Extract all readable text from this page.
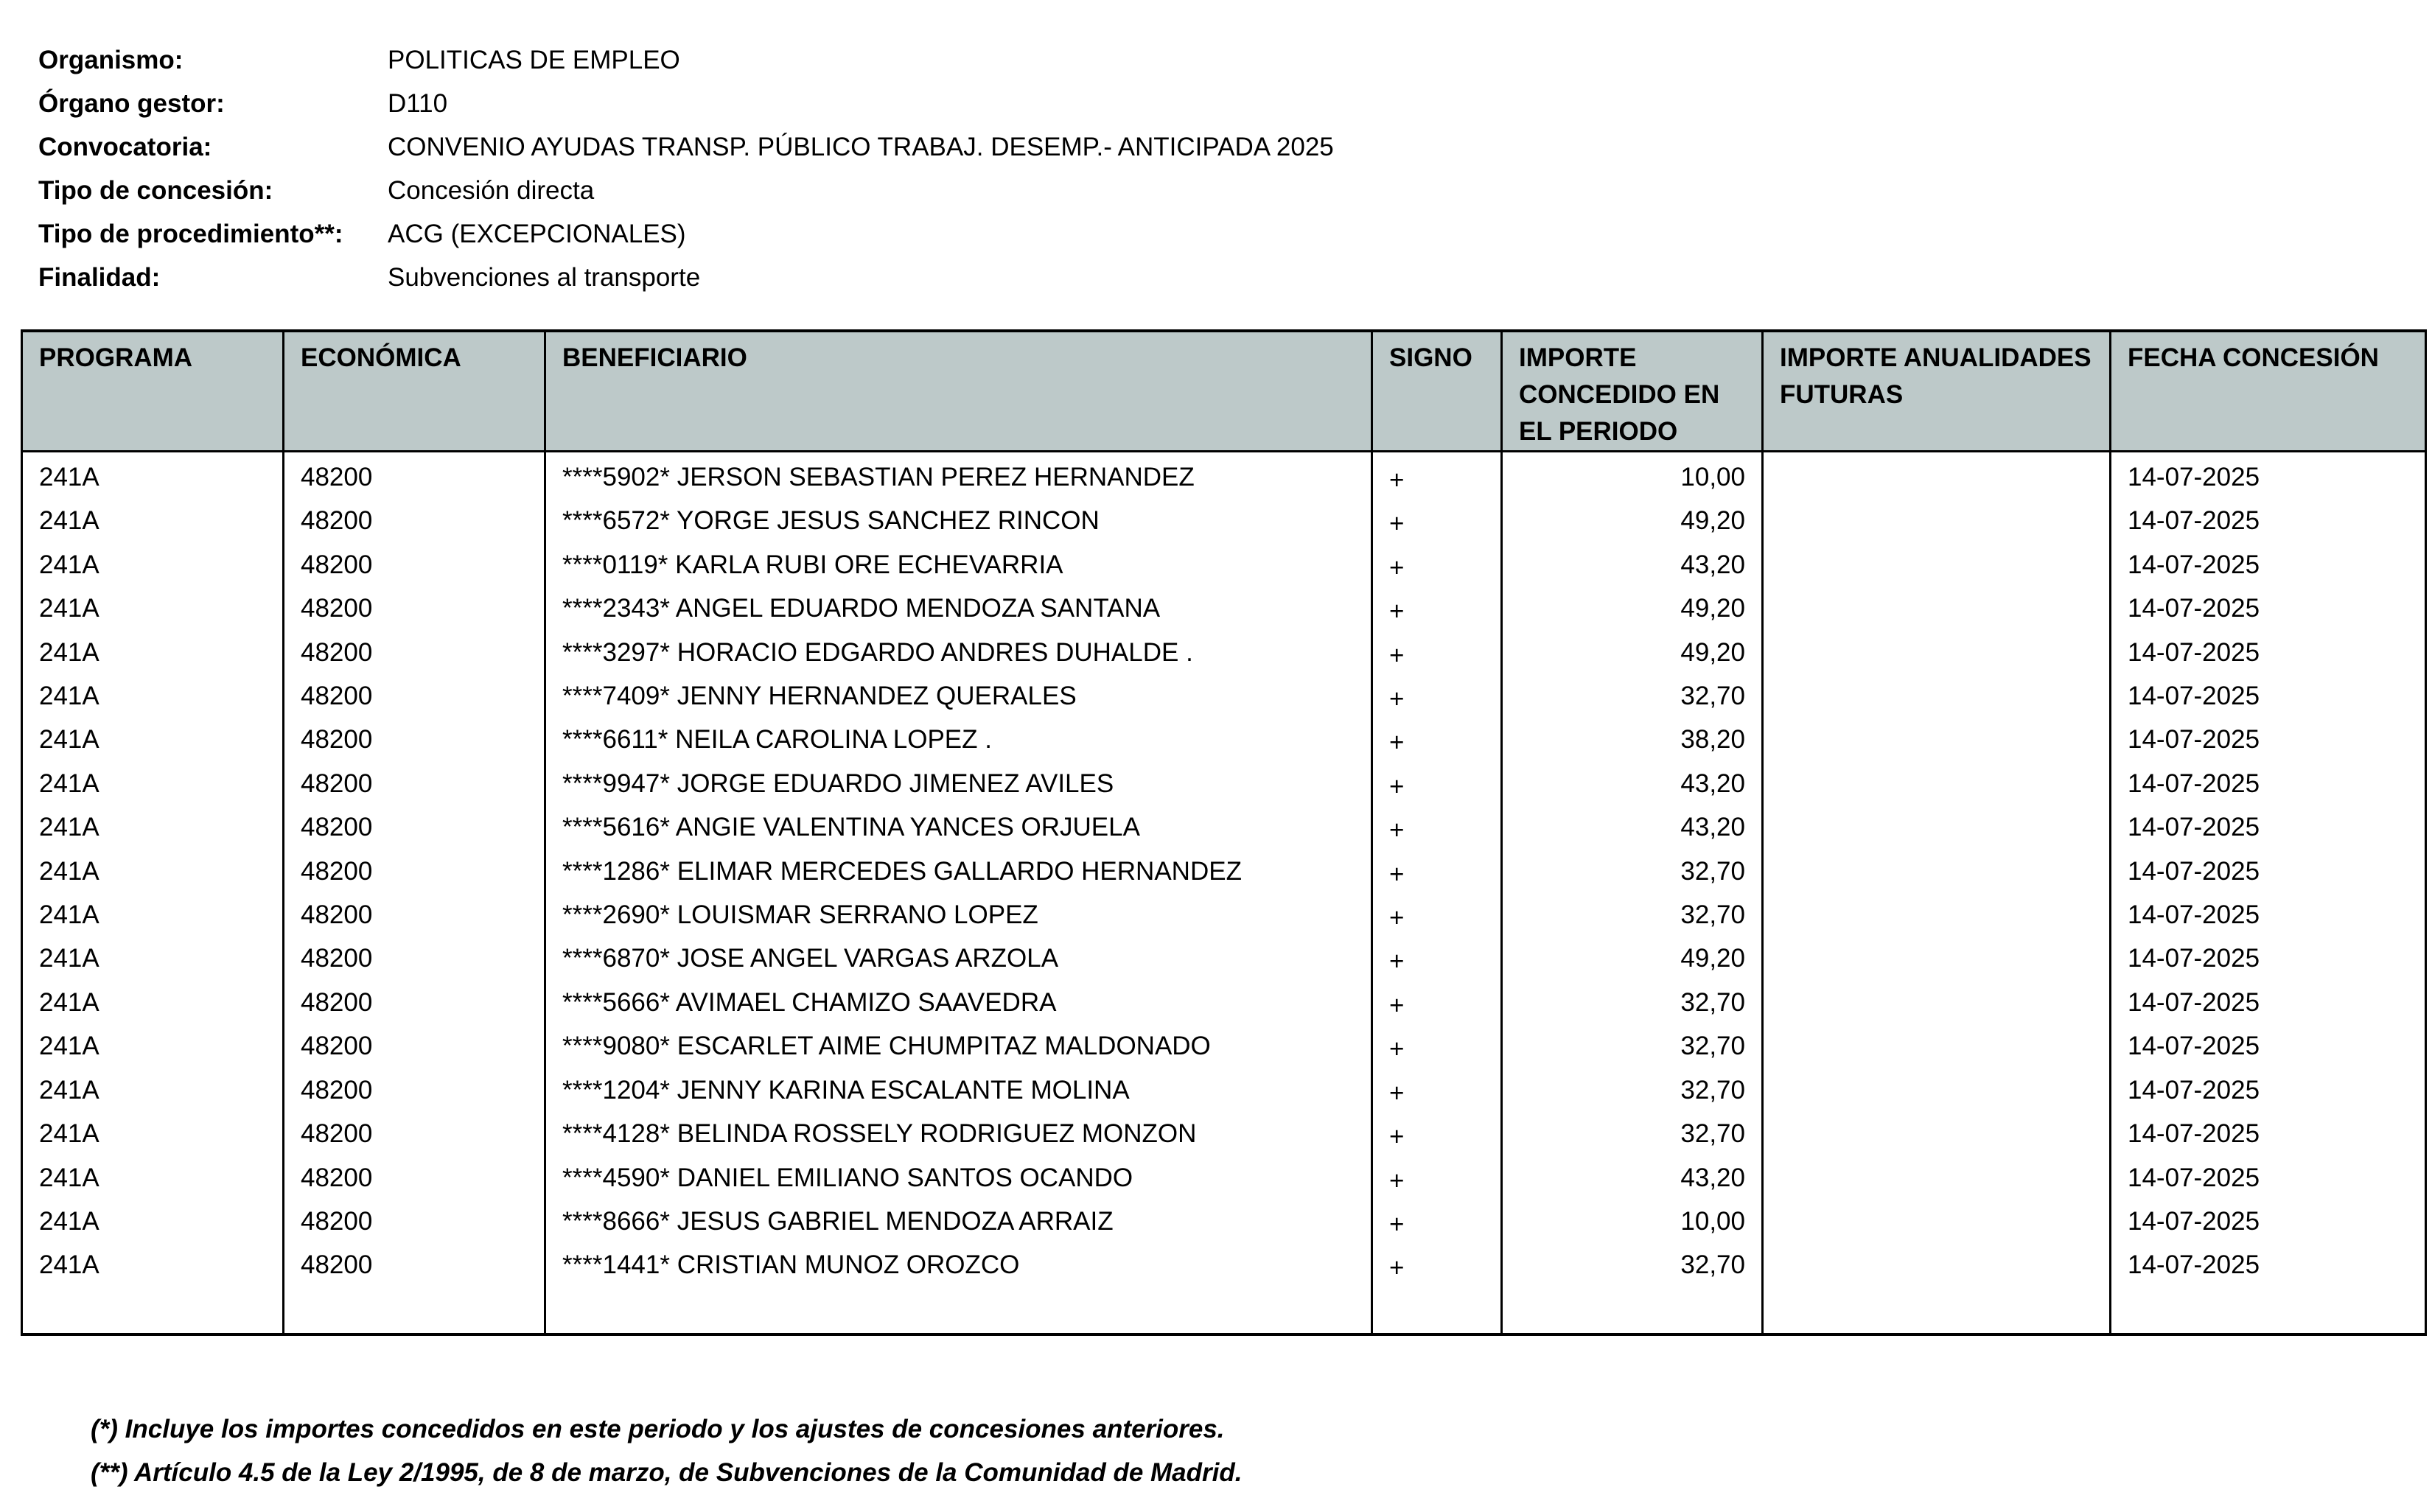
Organismo:	POLITICAS DE EMPLEO
Órgano gestor:	D110
Convocatoria:	CONVENIO AYUDAS TRANSP. PÚBLICO TRABAJ. DESEMP.- ANTICIPADA 2025
Tipo de concesión:	Concesión directa
Tipo de procedimiento**:	ACG (EXCEPCIONALES)
Finalidad:	Subvenciones al transporte
PROGRAMA	ECONÓMICA	BENEFICIARIO	SIGNO	IMPORTE CONCEDIDO EN EL PERIODO	IMPORTE ANUALIDADES FUTURAS	FECHA CONCESIÓN
241A	48200	****5902* JERSON SEBASTIAN PEREZ HERNANDEZ	+	10,00		14-07-2025
241A	48200	****6572* YORGE JESUS SANCHEZ RINCON	+	49,20		14-07-2025
241A	48200	****0119* KARLA RUBI ORE ECHEVARRIA	+	43,20		14-07-2025
241A	48200	****2343* ANGEL EDUARDO MENDOZA SANTANA	+	49,20		14-07-2025
241A	48200	****3297* HORACIO EDGARDO ANDRES DUHALDE .	+	49,20		14-07-2025
241A	48200	****7409* JENNY HERNANDEZ QUERALES	+	32,70		14-07-2025
241A	48200	****6611* NEILA CAROLINA LOPEZ .	+	38,20		14-07-2025
241A	48200	****9947* JORGE EDUARDO JIMENEZ AVILES	+	43,20		14-07-2025
241A	48200	****5616* ANGIE VALENTINA YANCES ORJUELA	+	43,20		14-07-2025
241A	48200	****1286* ELIMAR MERCEDES GALLARDO HERNANDEZ	+	32,70		14-07-2025
241A	48200	****2690* LOUISMAR SERRANO LOPEZ	+	32,70		14-07-2025
241A	48200	****6870* JOSE ANGEL VARGAS ARZOLA	+	49,20		14-07-2025
241A	48200	****5666* AVIMAEL CHAMIZO SAAVEDRA	+	32,70		14-07-2025
241A	48200	****9080* ESCARLET AIME CHUMPITAZ MALDONADO	+	32,70		14-07-2025
241A	48200	****1204* JENNY KARINA ESCALANTE MOLINA	+	32,70		14-07-2025
241A	48200	****4128* BELINDA ROSSELY RODRIGUEZ MONZON	+	32,70		14-07-2025
241A	48200	****4590* DANIEL EMILIANO SANTOS OCANDO	+	43,20		14-07-2025
241A	48200	****8666* JESUS GABRIEL MENDOZA ARRAIZ	+	10,00		14-07-2025
241A	48200	****1441* CRISTIAN MUNOZ OROZCO	+	32,70		14-07-2025

(*) Incluye los importes concedidos en este periodo y los ajustes de concesiones anteriores.
(**) Artículo 4.5 de la Ley 2/1995, de 8 de marzo, de Subvenciones de la Comunidad de Madrid.
